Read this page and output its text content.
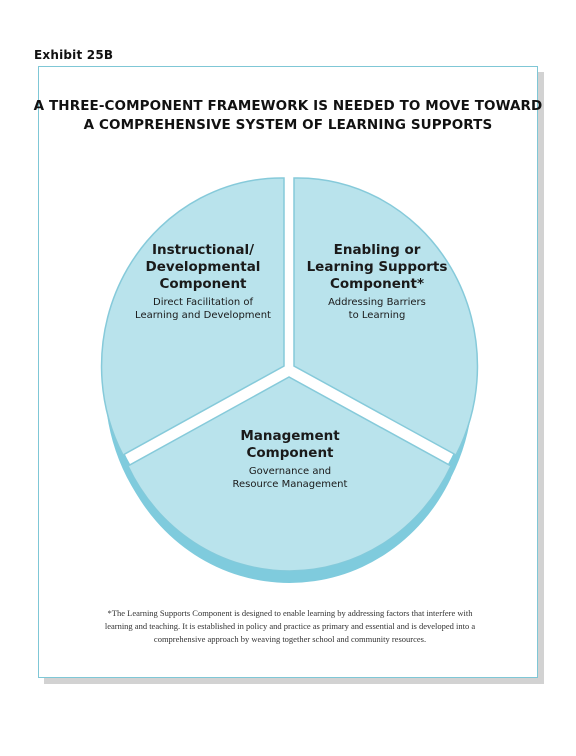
Exhibit 25B
A THREE-COMPONENT FRAMEWORK IS NEEDED TO MOVE TOWARD
A COMPREHENSIVE SYSTEM OF LEARNING SUPPORTS
Instructional/
Developmental
Component
Direct Facilitation of
Learning and Development
Enabling or
Learning Supports
Component*
Addressing Barriers
to Learning
Management
Component
Governance and
Resource Management
*The Learning Supports Component is designed to enable learning by addressing factors that interfere with
learning and teaching. It is established in policy and practice as primary and essential and is developed into a
comprehensive approach by weaving together school and community resources.
